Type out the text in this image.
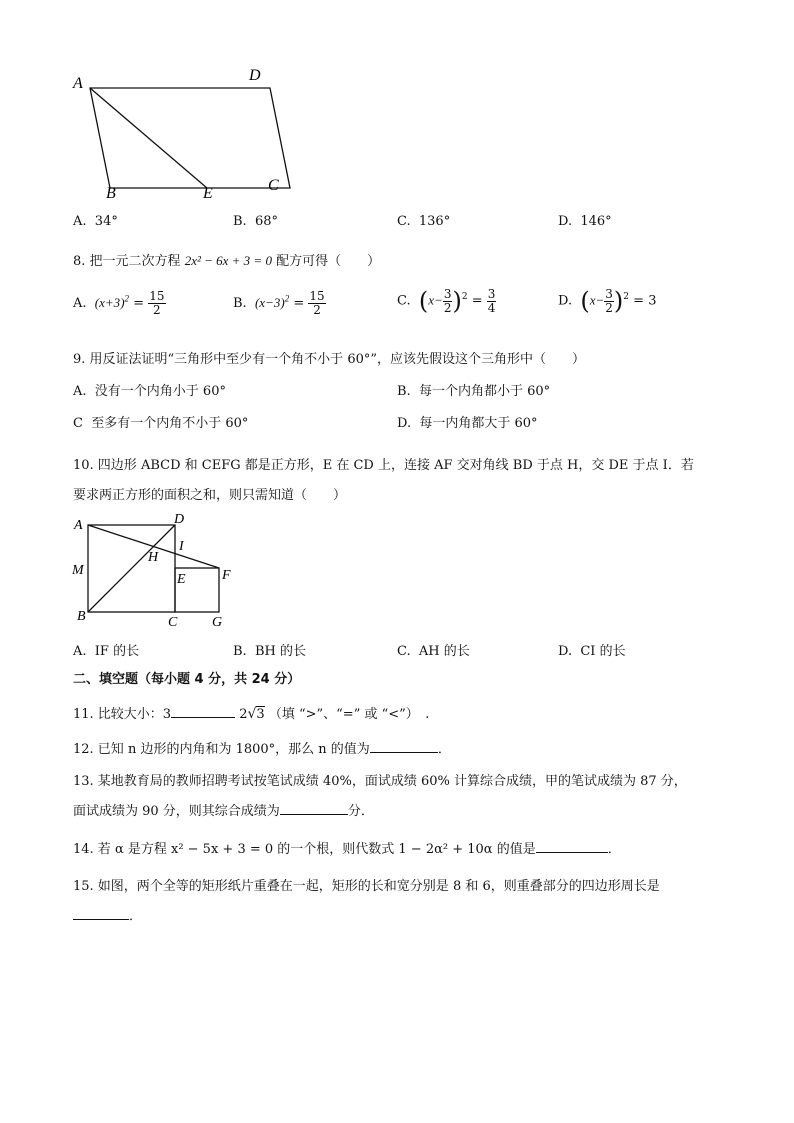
A	D
B	E	C
A. 34°	B. 68°	C. 136°	D. 146°
8. 把一元二次方程 2x² − 6x + 3 = 0 配方可得（　　）
A. $(x+3)^2 = \frac{15}{2}$	B. $(x-3)^2 = \frac{15}{2}$	C. $(x- \frac{3}{2} )^2 = \frac{3}{4}$	D. $(x- \frac{3}{2} )^2 = 3$
9. 用反证法证明“三角形中至少有一个角不小于 60°”，应该先假设这个三角形中（　　）
A. 没有一个内角小于 60°	B. 每一个内角都小于 60°
C 至多有一个内角不小于 60°	D. 每一内角都大于 60°
10. 四边形 ABCD 和 CEFG 都是正方形，E 在 CD 上，连接 AF 交对角线 BD 于点 H，交 DE 于点 I．若
要求两正方形的面积之和，则只需知道（　　）
A	D
I
H
M
E	F
B	C G
A. IF 的长	B. BH 的长	C. AH 的长	D. CI 的长
二、填空题（每小题 4 分，共 24 分）
11. 比较大小：3	2√3 （填 “>”、“=” 或 “<”）　.
12. 已知 n 边形的内角和为 1800°，那么 n 的值为	．
13. 某地教育局的教师招聘考试按笔试成绩 40%，面试成绩 60% 计算综合成绩，甲的笔试成绩为 87 分，
面试成绩为 90 分，则其综合成绩为	分．
14. 若 α 是方程 x² − 5x + 3 = 0 的一个根，则代数式 1 − 2α² + 10α 的值是	．
15. 如图，两个全等的矩形纸片重叠在一起，矩形的长和宽分别是 8 和 6，则重叠部分的四边形周长是
．
